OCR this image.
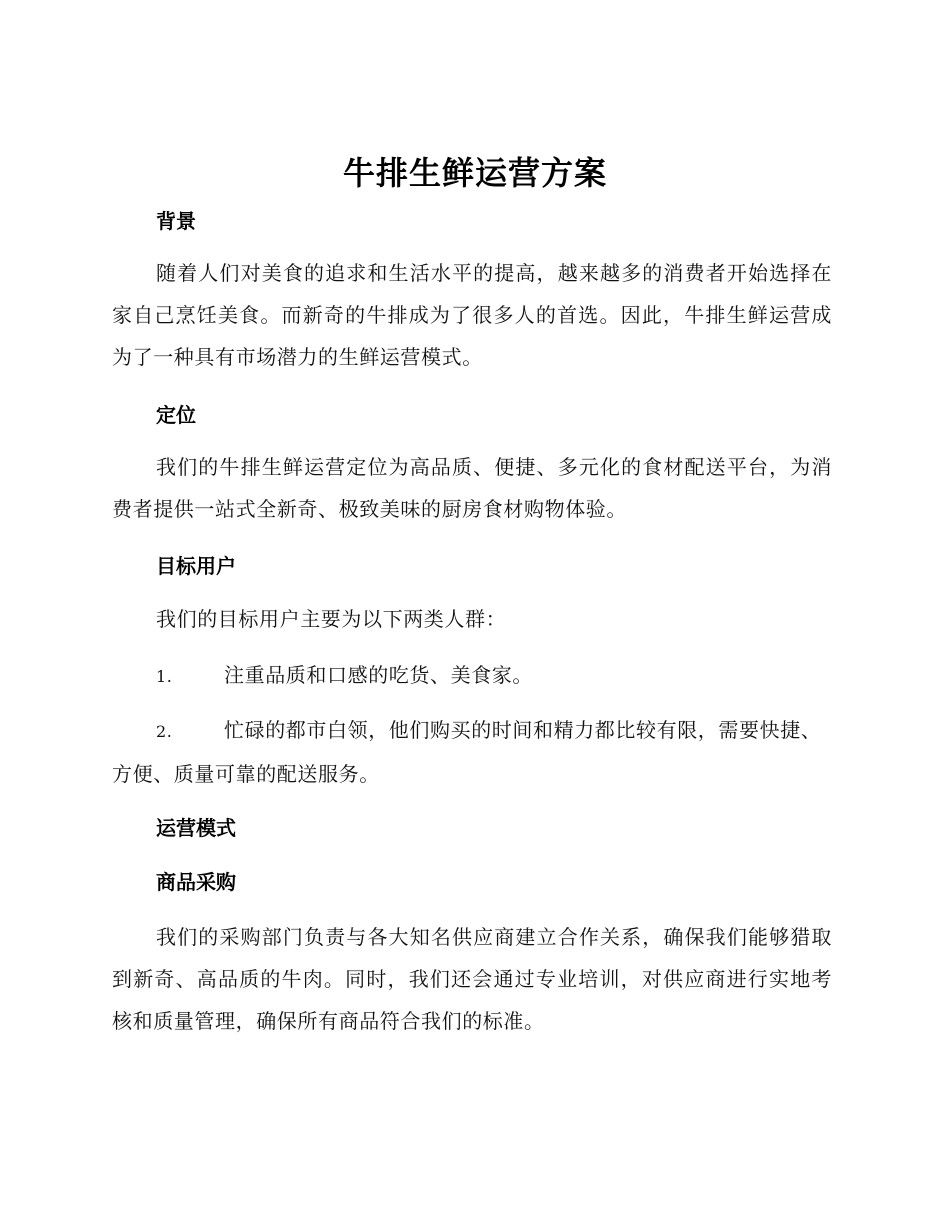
牛排生鲜运营方案
背景
随着人们对美食的追求和生活水平的提高，越来越多的消费者开始选择在家自己烹饪美食。而新奇的牛排成为了很多人的首选。因此，牛排生鲜运营成为了一种具有市场潜力的生鲜运营模式。
定位
我们的牛排生鲜运营定位为高品质、便捷、多元化的食材配送平台，为消费者提供一站式全新奇、极致美味的厨房食材购物体验。
目标用户
我们的目标用户主要为以下两类人群：
1.	注重品质和口感的吃货、美食家。
2.	忙碌的都市白领，他们购买的时间和精力都比较有限，需要快捷、方便、质量可靠的配送服务。
运营模式
商品采购
我们的采购部门负责与各大知名供应商建立合作关系，确保我们能够猎取到新奇、高品质的牛肉。同时，我们还会通过专业培训，对供应商进行实地考核和质量管理，确保所有商品符合我们的标准。
